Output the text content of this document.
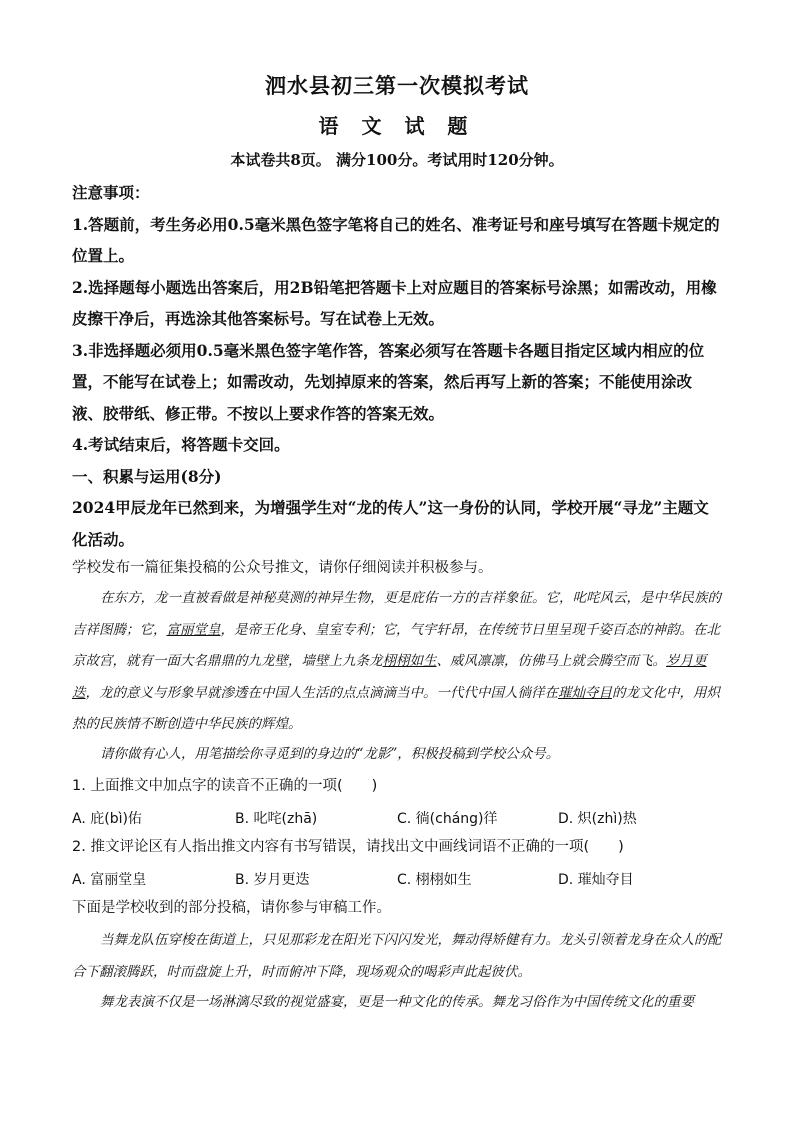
泗水县初三第一次模拟考试
语 文 试 题
本试卷共8页。 满分100分。考试用时120分钟。
注意事项：
1.答题前，考生务必用0.5毫米黑色签字笔将自己的姓名、准考证号和座号填写在答题卡规定的位置上。
2.选择题每小题选出答案后，用2B铅笔把答题卡上对应题目的答案标号涂黑；如需改动，用橡皮擦干净后，再选涂其他答案标号。写在试卷上无效。
3.非选择题必须用0.5毫米黑色签字笔作答，答案必须写在答题卡各题目指定区域内相应的位置，不能写在试卷上；如需改动，先划掉原来的答案，然后再写上新的答案；不能使用涂改液、胶带纸、修正带。不按以上要求作答的答案无效。
4.考试结束后，将答题卡交回。
一、积累与运用(8分)
2024甲辰龙年已然到来，为增强学生对“龙的传人”这一身份的认同，学校开展“寻龙”主题文化活动。
学校发布一篇征集投稿的公众号推文，请你仔细阅读并积极参与。
在东方，龙一直被看做是神秘莫测的神异生物，更是庇佑一方的吉祥象征。它，叱咤风云，是中华民族的吉祥图腾；它，富丽堂皇，是帝王化身、皇室专利；它，气宇轩昂，在传统节日里呈现千姿百态的神韵。在北京故宫，就有一面大名鼎鼎的九龙壁，墙壁上九条龙栩栩如生、威风凛凛，仿佛马上就会腾空而飞。岁月更迭，龙的意义与形象早就渗透在中国人生活的点点滴滴当中。一代代中国人徜徉在璀灿夺目的龙文化中，用炽热的民族情不断创造中华民族的辉煌。
请你做有心人，用笔描绘你寻觅到的身边的“龙影”，积极投稿到学校公众号。
1. 上面推文中加点字的读音不正确的一项(　　)
A. 庇(bì)佑	B. 叱咤(zhā)	C. 徜(cháng)徉	D. 炽(zhì)热
2. 推文评论区有人指出推文内容有书写错误，请找出文中画线词语不正确的一项(　　)
A. 富丽堂皇	B. 岁月更迭	C. 栩栩如生	D. 璀灿夺目
下面是学校收到的部分投稿，请你参与审稿工作。
当舞龙队伍穿梭在街道上，只见那彩龙在阳光下闪闪发光，舞动得矫健有力。龙头引领着龙身在众人的配合下翻滚腾跃，时而盘旋上升，时而俯冲下降，现场观众的喝彩声此起彼伏。
舞龙表演不仅是一场淋漓尽致的视觉盛宴，更是一种文化的传承。舞龙习俗作为中国传统文化的重要
